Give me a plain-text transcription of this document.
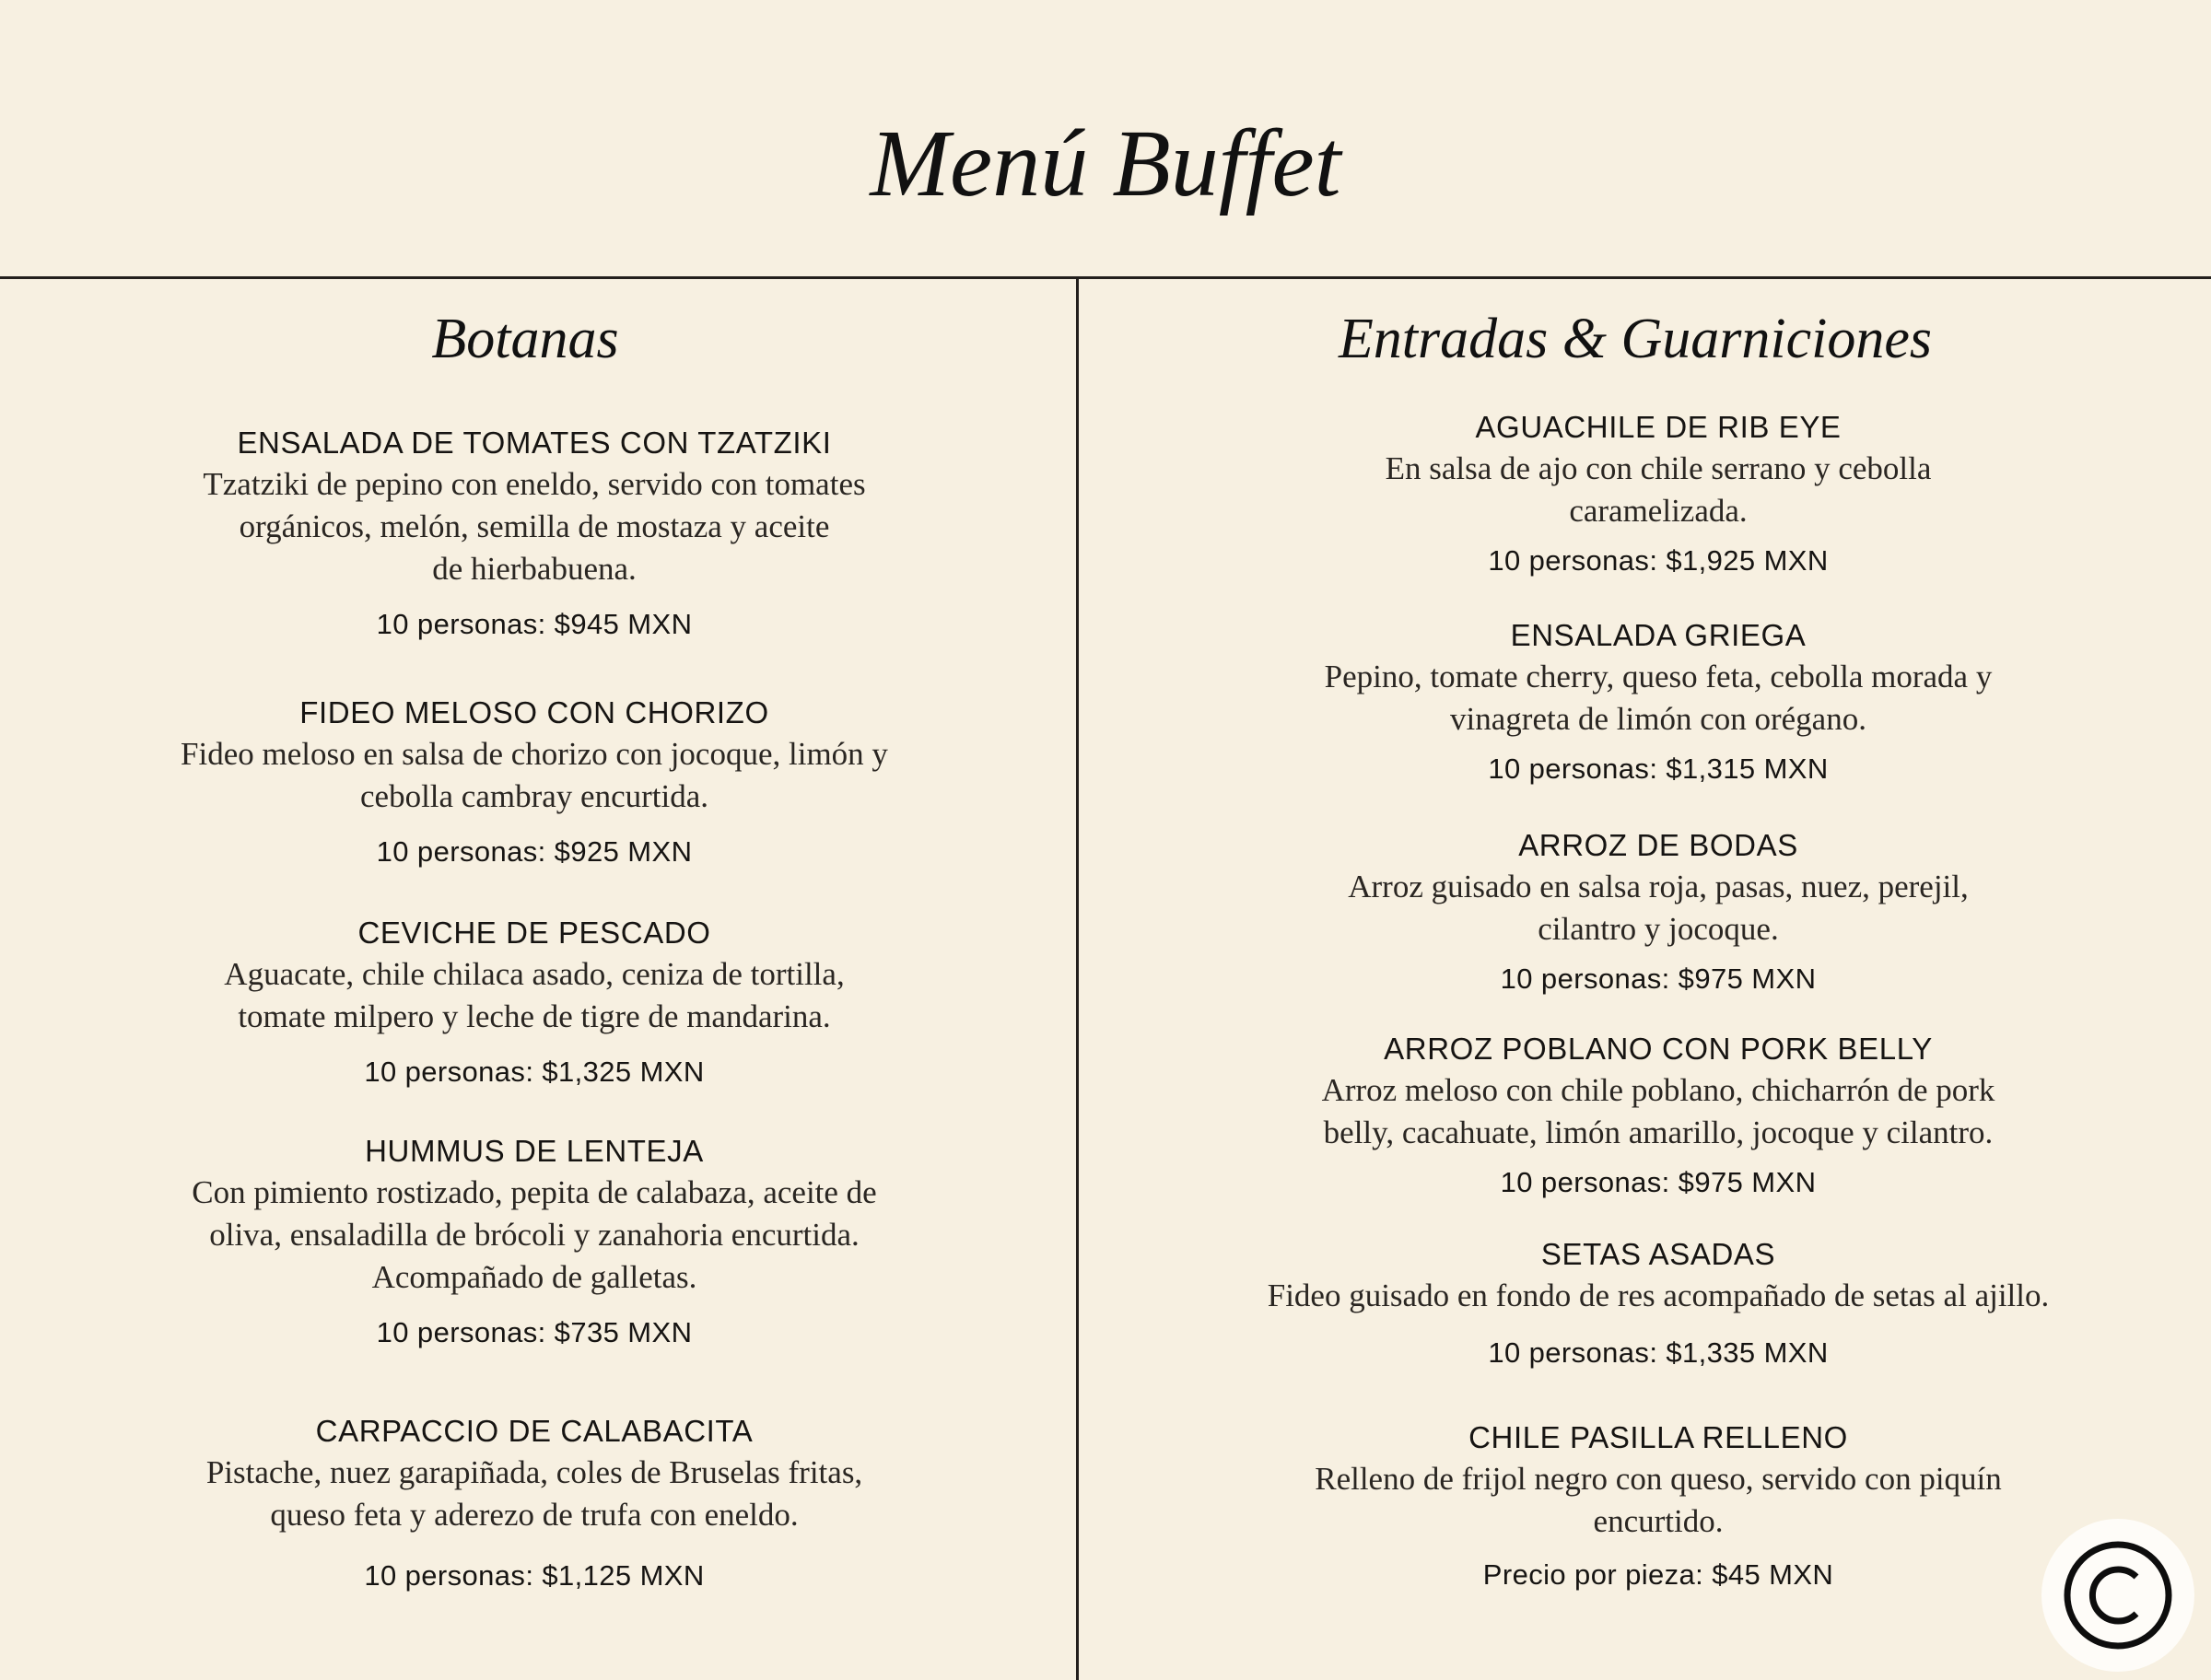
Menú Buffet
Botanas
ENSALADA DE TOMATES CON TZATZIKI
Tzatziki de pepino con eneldo, servido con tomates
orgánicos, melón, semilla de mostaza y aceite
de hierbabuena.
10 personas: $945 MXN
FIDEO MELOSO CON CHORIZO
Fideo meloso en salsa de chorizo con jocoque, limón y
cebolla cambray encurtida.
10 personas: $925 MXN
CEVICHE DE PESCADO
Aguacate, chile chilaca asado, ceniza de tortilla,
tomate milpero y leche de tigre de mandarina.
10 personas: $1,325 MXN
HUMMUS DE LENTEJA
Con pimiento rostizado, pepita de calabaza, aceite de
oliva, ensaladilla de brócoli y zanahoria encurtida.
Acompañado de galletas.
10 personas: $735 MXN
CARPACCIO DE CALABACITA
Pistache, nuez garapiñada, coles de Bruselas fritas,
queso feta y aderezo de trufa con eneldo.
10 personas: $1,125 MXN
Entradas & Guarniciones
AGUACHILE DE RIB EYE
En salsa de ajo con chile serrano y cebolla
caramelizada.
10 personas: $1,925 MXN
ENSALADA GRIEGA
Pepino, tomate cherry, queso feta, cebolla morada y
vinagreta de limón con orégano.
10 personas: $1,315 MXN
ARROZ DE BODAS
Arroz guisado en salsa roja, pasas, nuez, perejil,
cilantro y jocoque.
10 personas: $975 MXN
ARROZ POBLANO CON PORK BELLY
Arroz meloso con chile poblano, chicharrón de pork
belly, cacahuate, limón amarillo, jocoque y cilantro.
10 personas: $975 MXN
SETAS ASADAS
Fideo guisado en fondo de res acompañado de setas al ajillo.
10 personas: $1,335 MXN
CHILE PASILLA RELLENO
Relleno de frijol negro con queso, servido con piquín
encurtido.
Precio por pieza: $45 MXN
